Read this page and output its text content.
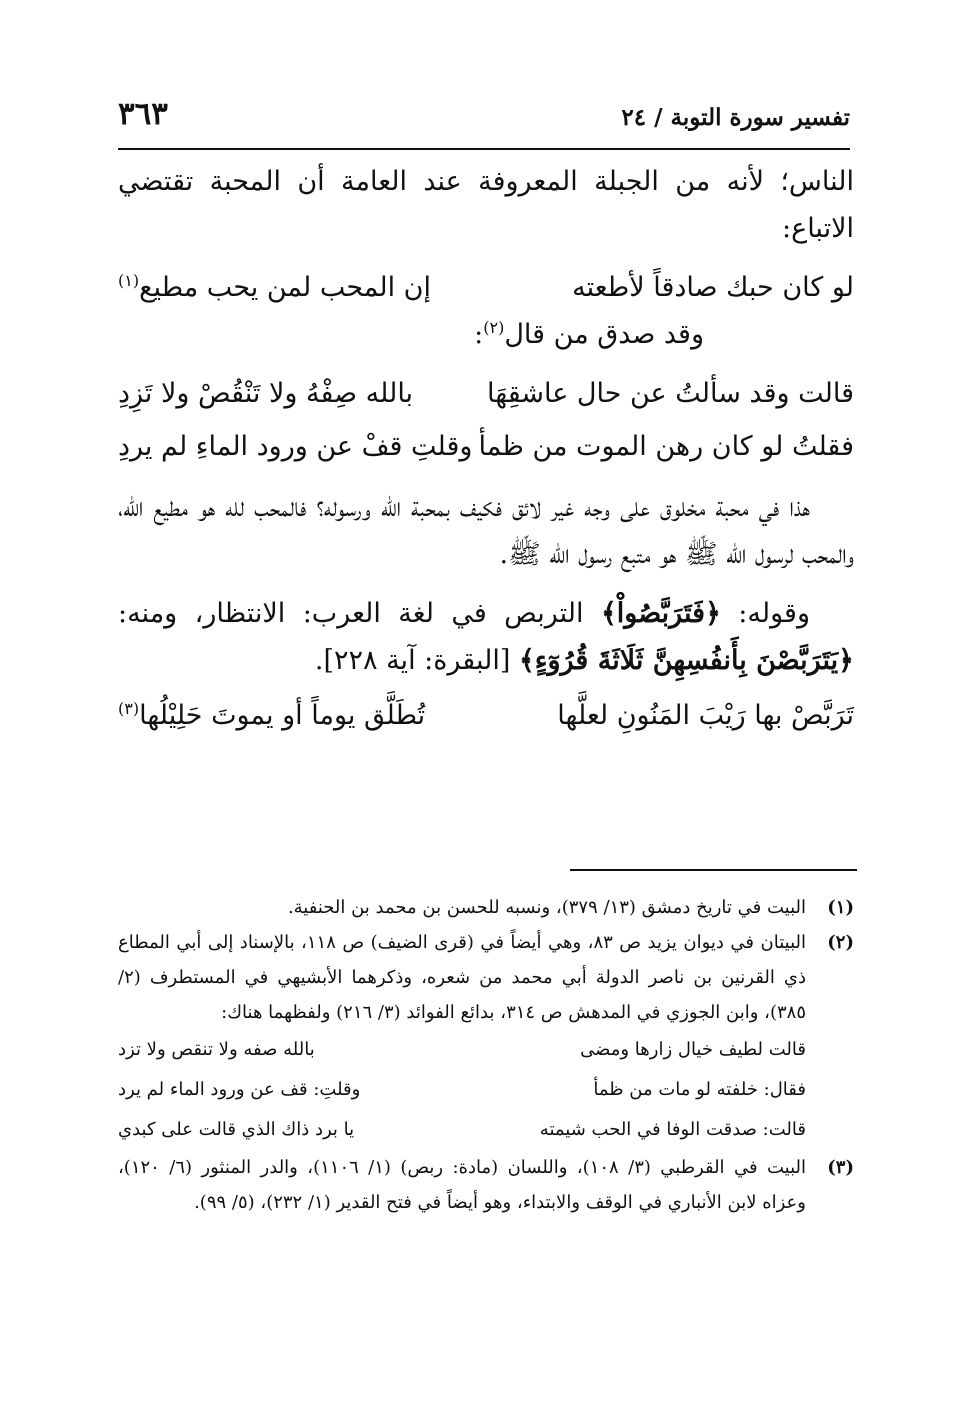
تفسير سورة التوبة / ٢٤
٣٦٣

الناس؛ لأنه من الجبلة المعروفة عند العامة أن المحبة تقتضي الاتباع:

لو كان حبك صادقاً لأطعته
إن المحب لمن يحب مطيع$^{(١)}$

وقد صدق من قال$^{(٢)}$:

قالت وقد سألتُ عن حال عاشقِهَا
بالله صِفْهُ ولا تَنْقُصْ ولا تَزِدِ
فقلتُ لو كان رهن الموت من ظمأ
وقلتِ قفْ عن ورود الماءِ لم يردِ

هذا في محبة مخلوق على وجه غير لائق فكيف بمحبة الله ورسوله؟ فالمحب لله هو مطيع الله، والمحب لرسول الله ﷺ هو متبع رسول الله ﷺ.

وقوله: ﴿فَتَرَبَّصُواْ﴾ التربص في لغة العرب: الانتظار، ومنه: ﴿يَتَرَبَّصْنَ بِأَنفُسِهِنَّ ثَلَاثَةَ قُرُوٓءٍ﴾ [البقرة: آية ٢٢٨].

تَرَبَّصْ بها رَيْبَ المَنُونِ لعلَّها
تُطَلَّق يوماً أو يموتَ حَلِيْلُها$^{(٣)}$
(١)
البيت في تاريخ دمشق (١٣/ ٣٧٩)، ونسبه للحسن بن محمد بن الحنفية.
(٢)
البيتان في ديوان يزيد ص ٨٣، وهي أيضاً في (قرى الضيف) ص ١١٨، بالإسناد إلى أبي المطاع ذي القرنين بن ناصر الدولة أبي محمد من شعره، وذكرهما الأبشيهي في المستطرف (٢/ ٣٨٥)، وابن الجوزي في المدهش ص ٣١٤، بدائع الفوائد (٣/ ٢١٦) ولفظهما هناك:
قالت لطيف خيال زارها ومضى
بالله صفه ولا تنقص ولا تزد
فقال: خلفته لو مات من ظمأ
وقلتِ: قف عن ورود الماء لم يرد
قالت: صدقت الوفا في الحب شيمته
يا برد ذاك الذي قالت على كبدي
(٣)
البيت في القرطبي (٣/ ١٠٨)، واللسان (مادة: ربص) (١/ ١١٠٦)، والدر المنثور (٦/ ١٢٠)، وعزاه لابن الأنباري في الوقف والابتداء، وهو أيضاً في فتح القدير (١/ ٢٣٢)، (٥/ ٩٩).
